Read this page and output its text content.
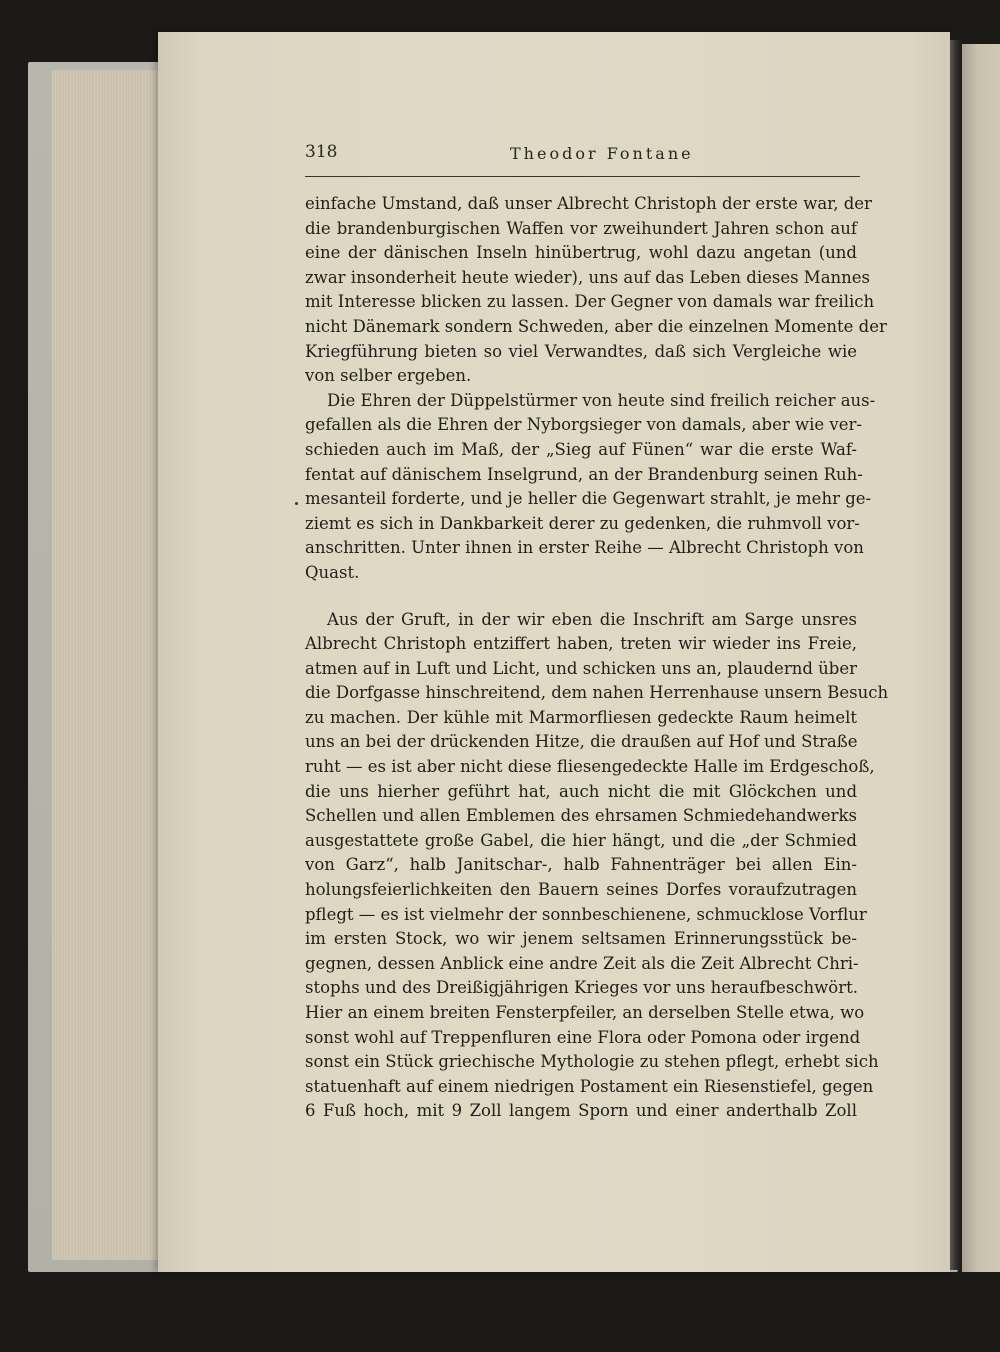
318	Theodor Fontane
einfache Umstand, daß unser Albrecht Christoph der erste war, der
die brandenburgischen Waffen vor zweihundert Jahren schon auf
eine der dänischen Inseln hinübertrug, wohl dazu angetan (und
zwar insonderheit heute wieder), uns auf das Leben dieses Mannes
mit Interesse blicken zu lassen. Der Gegner von damals war freilich
nicht Dänemark sondern Schweden, aber die einzelnen Momente der
Kriegführung bieten so viel Verwandtes, daß sich Vergleiche wie
von selber ergeben.
Die Ehren der Düppelstürmer von heute sind freilich reicher aus-
gefallen als die Ehren der Nyborgsieger von damals, aber wie ver-
schieden auch im Maß, der „Sieg auf Fünen“ war die erste Waf-
fentat auf dänischem Inselgrund, an der Brandenburg seinen Ruh-
mesanteil forderte, und je heller die Gegenwart strahlt, je mehr ge-
ziemt es sich in Dankbarkeit derer zu gedenken, die ruhmvoll vor-
anschritten. Unter ihnen in erster Reihe — Albrecht Christoph von
Quast.
Aus der Gruft, in der wir eben die Inschrift am Sarge unsres
Albrecht Christoph entziffert haben, treten wir wieder ins Freie,
atmen auf in Luft und Licht, und schicken uns an, plaudernd über
die Dorfgasse hinschreitend, dem nahen Herrenhause unsern Besuch
zu machen. Der kühle mit Marmorfliesen gedeckte Raum heimelt
uns an bei der drückenden Hitze, die draußen auf Hof und Straße
ruht — es ist aber nicht diese fliesengedeckte Halle im Erdgeschoß,
die uns hierher geführt hat, auch nicht die mit Glöckchen und
Schellen und allen Emblemen des ehrsamen Schmiedehandwerks
ausgestattete große Gabel, die hier hängt, und die „der Schmied
von Garz“, halb Janitschar-, halb Fahnenträger bei allen Ein-
holungsfeierlichkeiten den Bauern seines Dorfes voraufzutragen
pflegt — es ist vielmehr der sonnbeschienene, schmucklose Vorflur
im ersten Stock, wo wir jenem seltsamen Erinnerungsstück be-
gegnen, dessen Anblick eine andre Zeit als die Zeit Albrecht Chri-
stophs und des Dreißigjährigen Krieges vor uns heraufbeschwört.
Hier an einem breiten Fensterpfeiler, an derselben Stelle etwa, wo
sonst wohl auf Treppenfluren eine Flora oder Pomona oder irgend
sonst ein Stück griechische Mythologie zu stehen pflegt, erhebt sich
statuenhaft auf einem niedrigen Postament ein Riesenstiefel, gegen
6 Fuß hoch, mit 9 Zoll langem Sporn und einer anderthalb Zoll
